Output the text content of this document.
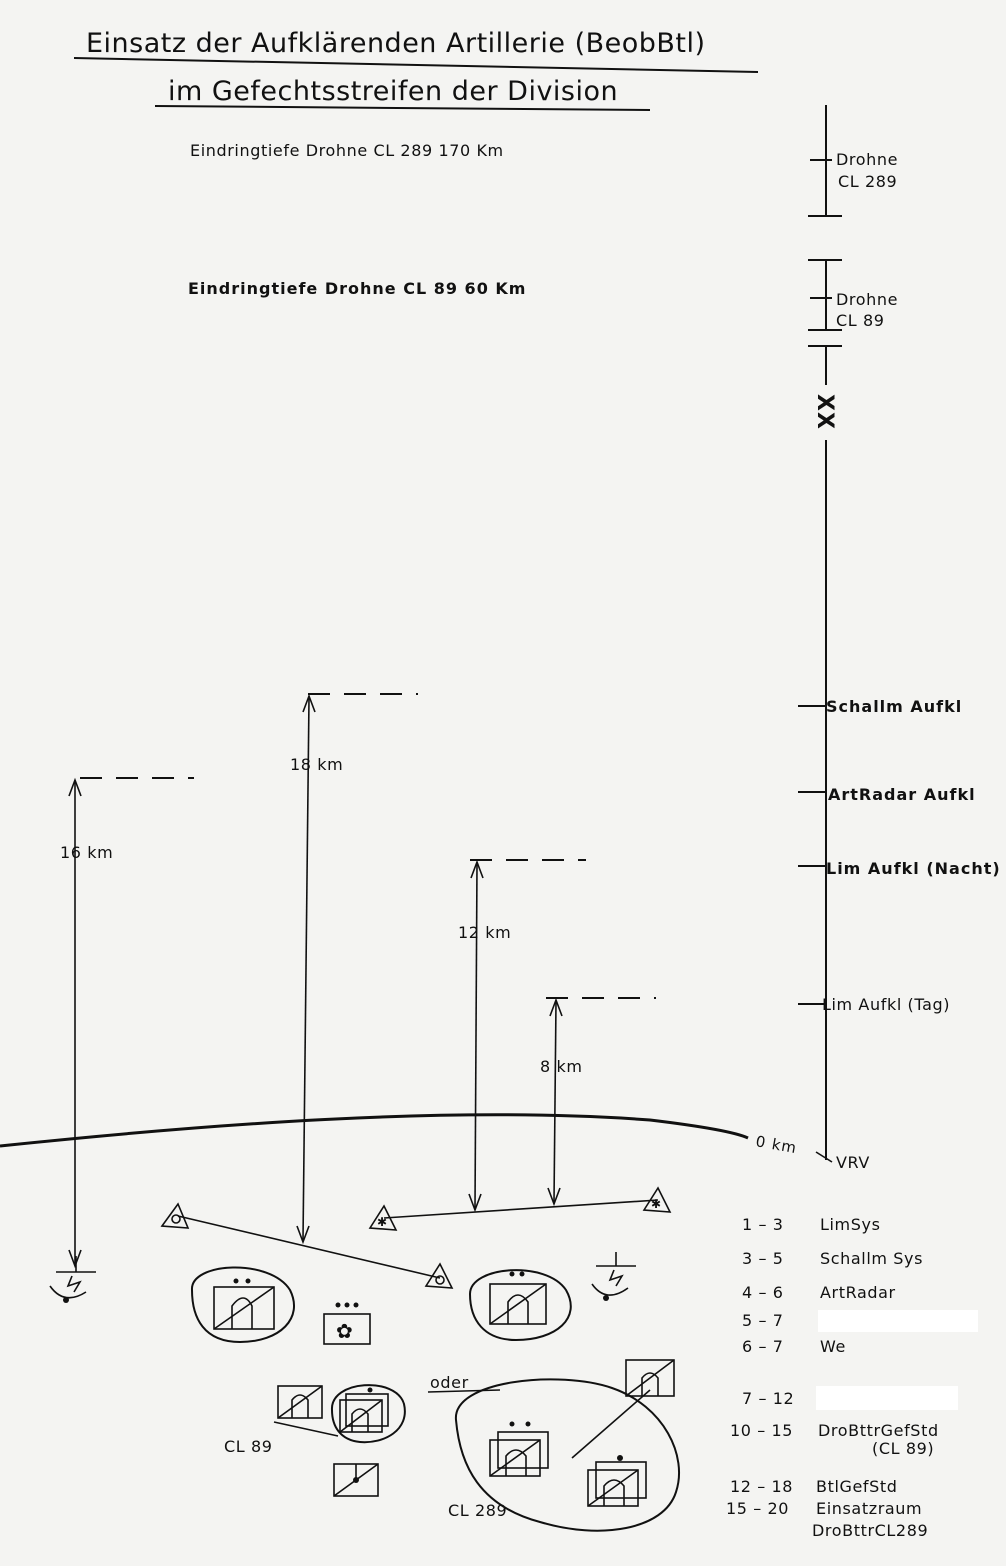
Einsatz der Aufklärenden Artillerie (BeobBtl)
im Gefechtsstreifen der Division
Eindringtiefe Drohne CL 289 170 Km
Eindringtiefe Drohne CL 89 60 Km
Drohne
CL 289
Drohne
CL 89
XX
Schallm Aufkl
ArtRadar Aufkl
Lim Aufkl (Nacht)
Lim Aufkl (Tag)
0 km
VRV
16 km
18 km
12 km
8 km
✱
✱
✿
CL 89
oder
CL 289
1 – 3 LimSys
3 – 5 Schallm Sys
4 – 6 ArtRadar
5 – 7
6 – 7 We
7 – 12
10 – 15 DroBttrGefStd
(CL 89)
12 – 18 BtlGefStd
15 – 20 Einsatzraum
DroBttrCL289
